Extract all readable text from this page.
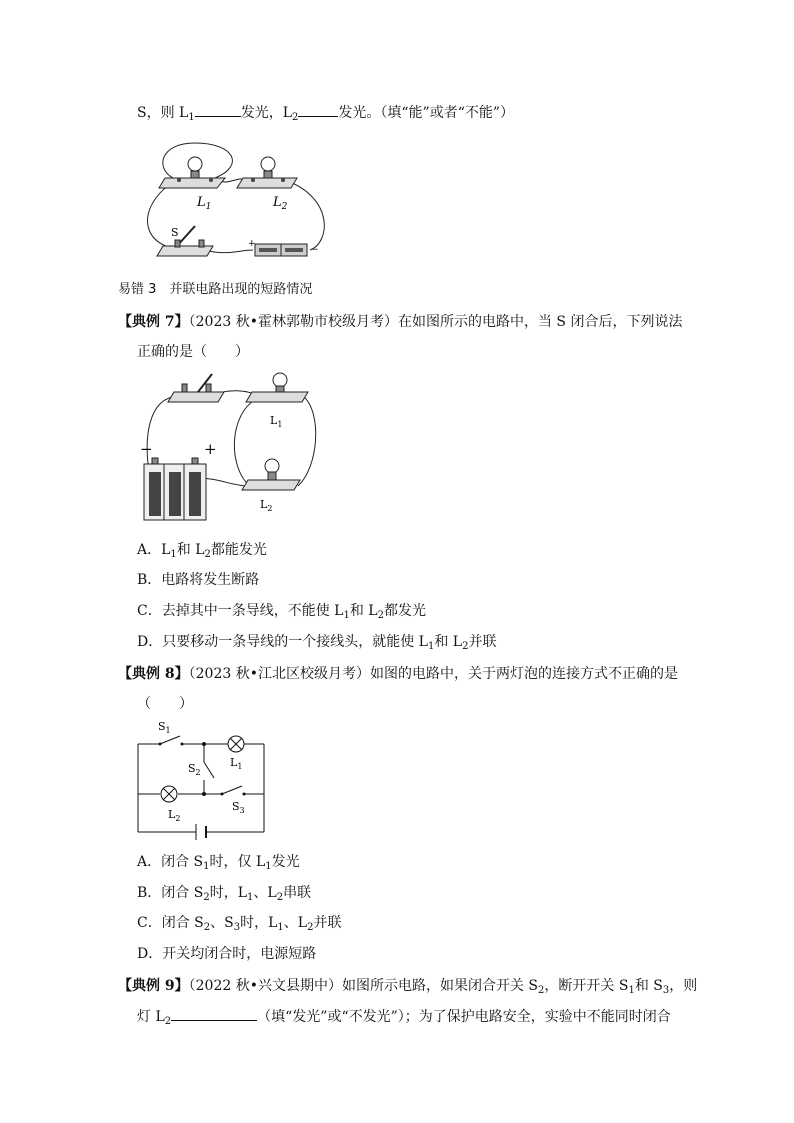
S，则 $L_1$	发光，$L_2$	发光。（填“能”或者“不能”）
$L_1$	$L_2$
S
+
−
易错 3　并联电路出现的短路情况
【典例 7】（2023 秋•霍林郭勒市校级月考）在如图所示的电路中，当 S 闭合后，下列说法
正确的是（　　）
$L_1$
$L_2$
−	+
A．$L_1$和 $L_2$都能发光
B．电路将发生断路
C．去掉其中一条导线，不能使 $L_1$和 $L_2$都发光
D．只要移动一条导线的一个接线头，就能使 $L_1$和 $L_2$并联
【典例 8】（2023 秋•江北区校级月考）如图的电路中，关于两灯泡的连接方式不正确的是
（　　）
$S_1$
$S_2$
$S_3$
$L_1$
$L_2$
A．闭合 $S_1$时，仅 $L_1$发光
B．闭合 $S_2$时，$L_1$、$L_2$串联
C．闭合 $S_2$、$S_3$时，$L_1$、$L_2$并联
D．开关均闭合时，电源短路
【典例 9】（2022 秋•兴文县期中）如图所示电路，如果闭合开关 $S_2$，断开开关 $S_1$和 $S_3$，则
灯 $L_2$	（填“发光”或“不发光”）；为了保护电路安全，实验中不能同时闭合
